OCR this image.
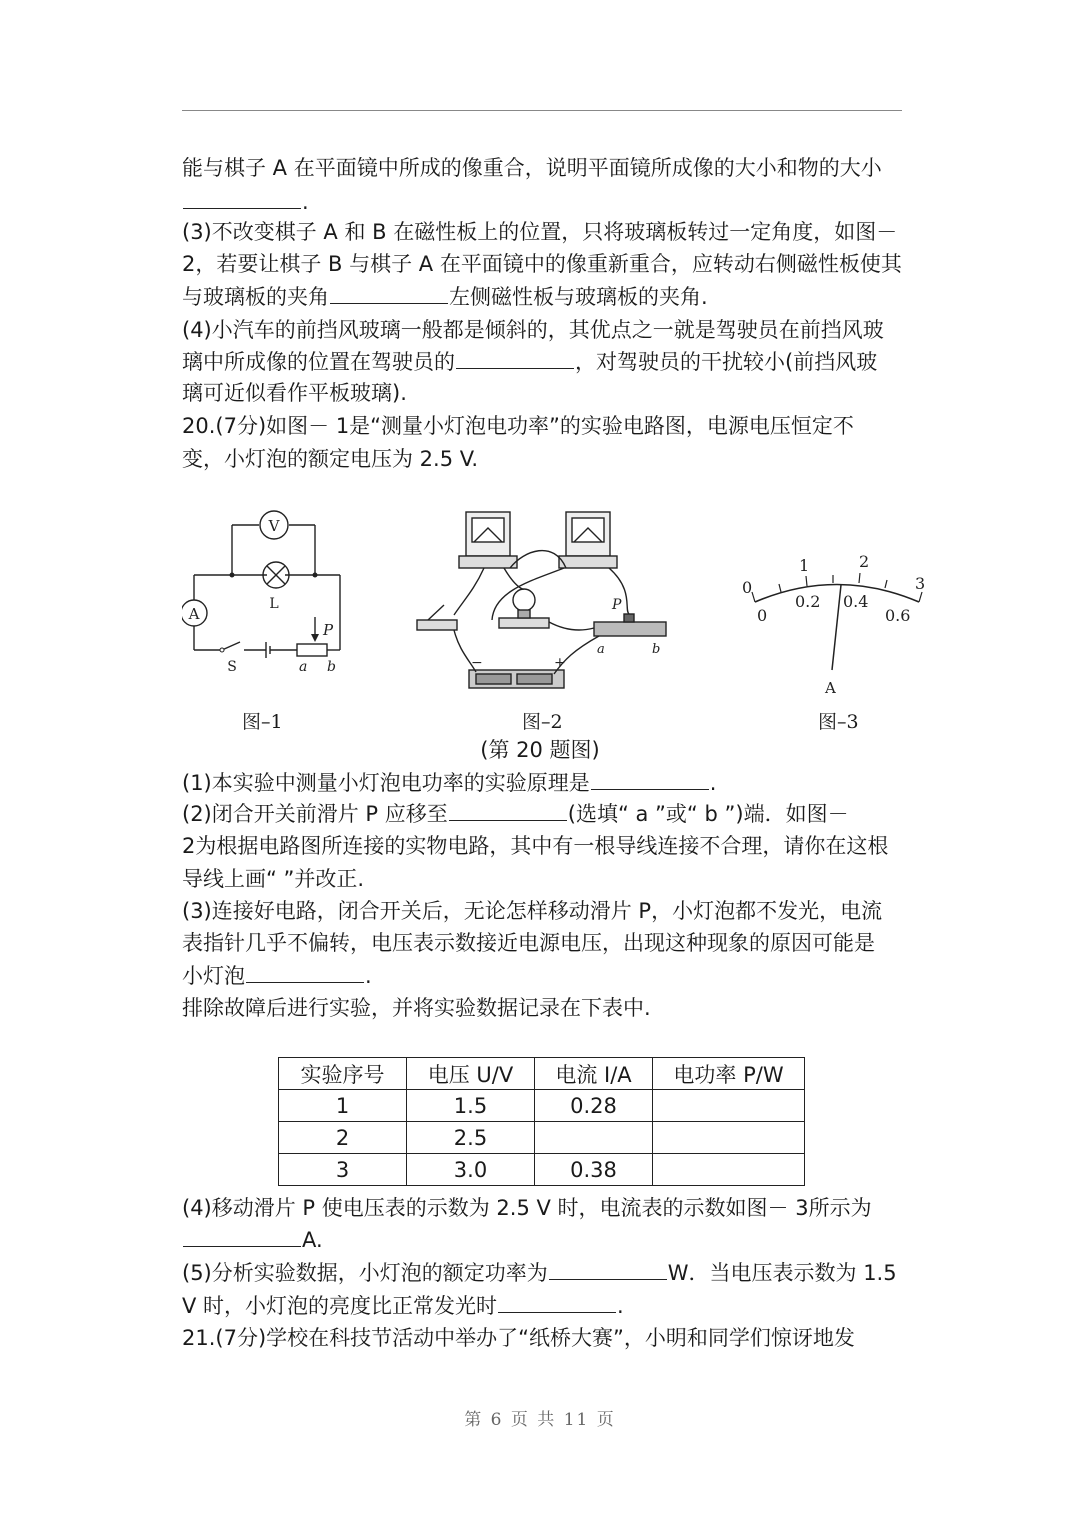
能与棋子 A 在平面镜中所成的像重合，说明平面镜所成像的大小和物的大小
.
(3)不改变棋子 A 和 B 在磁性板上的位置，只将玻璃板转过一定角度，如图－
2，若要让棋子 B 与棋子 A 在平面镜中的像重新重合，应转动右侧磁性板使其
与玻璃板的夹角	左侧磁性板与玻璃板的夹角.
(4)小汽车的前挡风玻璃一般都是倾斜的，其优点之一就是驾驶员在前挡风玻
璃中所成像的位置在驾驶员的	，对驾驶员的干扰较小(前挡风玻
璃可近似看作平板玻璃).
20.(7分)如图－ 1是“测量小灯泡电功率”的实验电路图，电源电压恒定不
变，小灯泡的额定电压为 2.5 V.
V
A
L
S
P
a b
图–1
P
a	b
−	+
图–2
0
1	2
3
0
0.2 0.4
0.6
A
图–3
(第 20 题图)
(1)本实验中测量小灯泡电功率的实验原理是	.
(2)闭合开关前滑片 P 应移至	(选填“ a ”或“ b ”)端．如图－
2为根据电路图所连接的实物电路，其中有一根导线连接不合理，请你在这根
导线上画“ ”并改正.
(3)连接好电路，闭合开关后，无论怎样移动滑片 P，小灯泡都不发光，电流
表指针几乎不偏转，电压表示数接近电源电压，出现这种现象的原因可能是
小灯泡	.
排除故障后进行实验，并将实验数据记录在下表中.
实验序号	电压 U/V	电流 I/A	电功率 P/W
1	1.5	0.28	
2	2.5		
3	3.0	0.38	
(4)移动滑片 P 使电压表的示数为 2.5 V 时，电流表的示数如图－ 3所示为
A.
(5)分析实验数据，小灯泡的额定功率为	W．当电压表示数为 1.5
V 时，小灯泡的亮度比正常发光时	.
21.(7分)学校在科技节活动中举办了“纸桥大赛”，小明和同学们惊讶地发
第 6 页 共 11 页
